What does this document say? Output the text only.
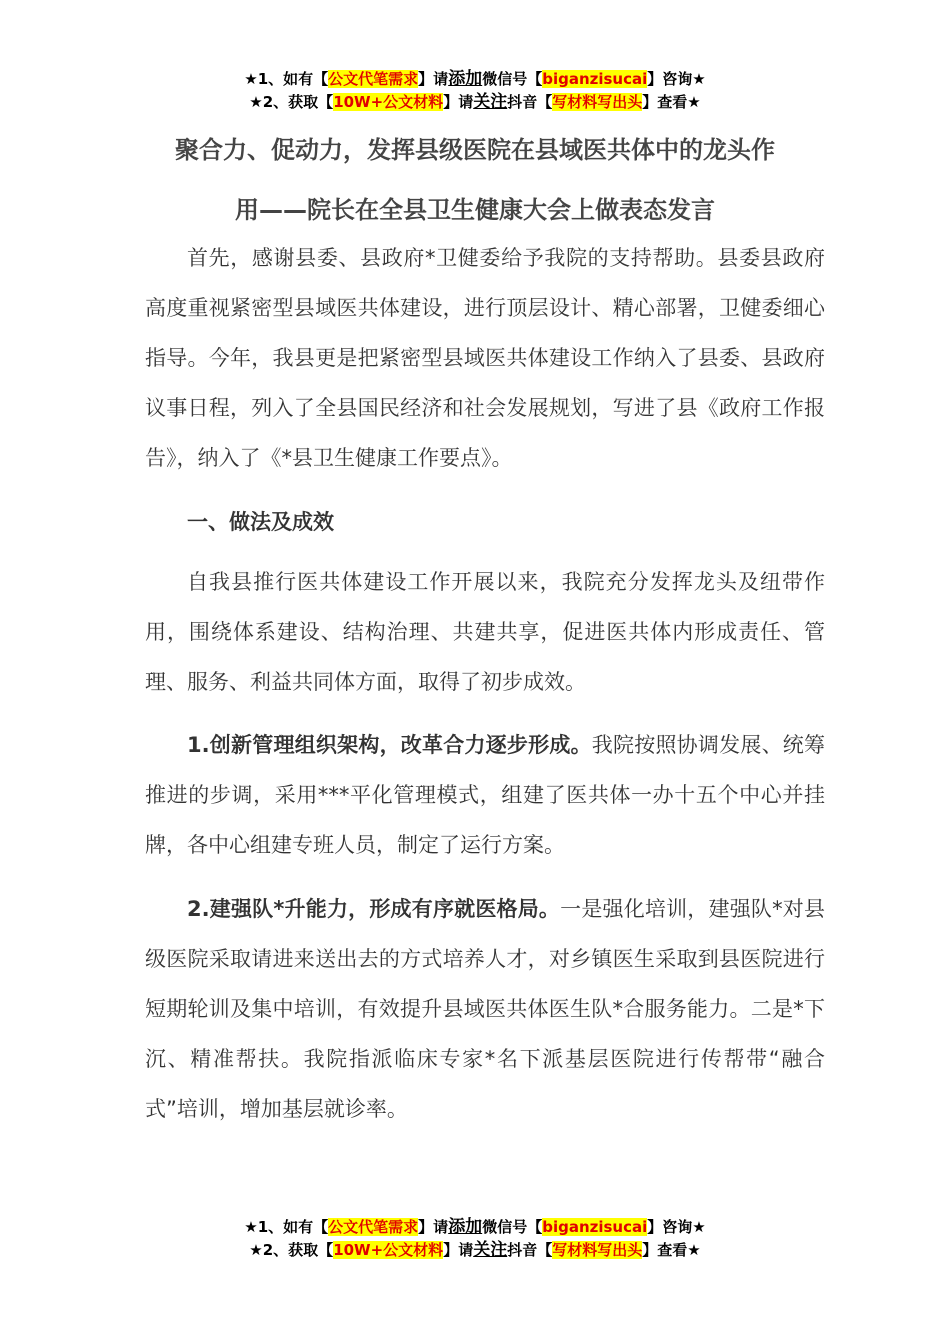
★1、如有【公文代笔需求】请添加微信号【biganzisucai】咨询★
★2、获取【10W+公文材料】请关注抖音【写材料写出头】查看★
聚合力、促动力，发挥县级医院在县域医共体中的龙头作
用——院长在全县卫生健康大会上做表态发言
首先，感谢县委、县政府*卫健委给予我院的支持帮助。县委县政府高度重视紧密型县域医共体建设，进行顶层设计、精心部署，卫健委细心指导。今年，我县更是把紧密型县域医共体建设工作纳入了县委、县政府议事日程，列入了全县国民经济和社会发展规划，写进了县《政府工作报告》，纳入了《*县卫生健康工作要点》。
一、做法及成效
自我县推行医共体建设工作开展以来，我院充分发挥龙头及纽带作用，围绕体系建设、结构治理、共建共享，促进医共体内形成责任、管理、服务、利益共同体方面，取得了初步成效。
1.创新管理组织架构，改革合力逐步形成。我院按照协调发展、统筹推进的步调，采用***平化管理模式，组建了医共体一办十五个中心并挂牌，各中心组建专班人员，制定了运行方案。
2.建强队*升能力，形成有序就医格局。一是强化培训，建强队*对县级医院采取请进来送出去的方式培养人才，对乡镇医生采取到县医院进行短期轮训及集中培训，有效提升县域医共体医生队*合服务能力。二是*下沉、精准帮扶。我院指派临床专家*名下派基层医院进行传帮带“融合式”培训，增加基层就诊率。
★1、如有【公文代笔需求】请添加微信号【biganzisucai】咨询★
★2、获取【10W+公文材料】请关注抖音【写材料写出头】查看★
